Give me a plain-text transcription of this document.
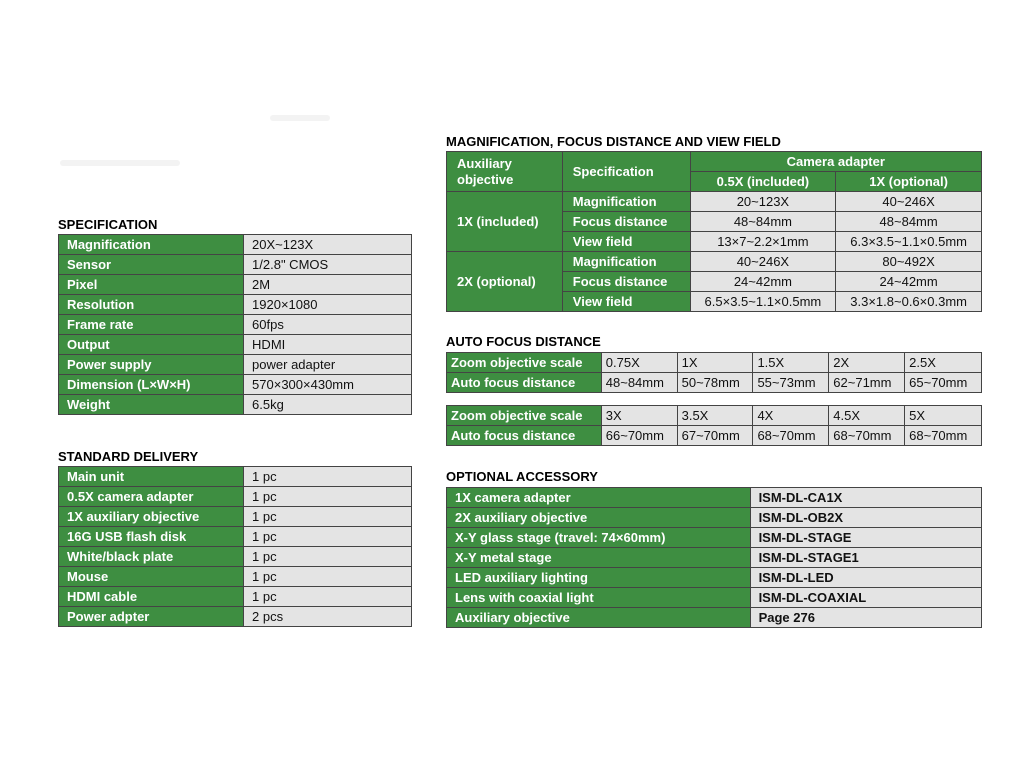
SPECIFICATION
Magnification	20X~123X
Sensor	1/2.8" CMOS
Pixel	2M
Resolution	1920×1080
Frame rate	60fps
Output	HDMI
Power supply	power adapter
Dimension (L×W×H)	570×300×430mm
Weight	6.5kg
STANDARD DELIVERY
Main unit	1 pc
0.5X camera adapter	1 pc
1X auxiliary objective	1 pc
16G USB flash disk	1 pc
White/black plate	1 pc
Mouse	1 pc
HDMI cable	1 pc
Power adpter	2 pcs
MAGNIFICATION, FOCUS DISTANCE AND VIEW FIELD
Auxiliary objective	Specification	Camera adapter	
		0.5X (included)	1X (optional)
1X (included)	Magnification	20~123X	40~246X
	Focus distance	48~84mm	48~84mm
	View field	13×7~2.2×1mm	6.3×3.5~1.1×0.5mm
2X (optional)	Magnification	40~246X	80~492X
	Focus distance	24~42mm	24~42mm
	View field	6.5×3.5~1.1×0.5mm	3.3×1.8~0.6×0.3mm
AUTO FOCUS DISTANCE
Zoom objective scale	0.75X	1X	1.5X	2X	2.5X
Auto focus distance	48~84mm	50~78mm	55~73mm	62~71mm	65~70mm
Zoom objective scale	3X	3.5X	4X	4.5X	5X
Auto focus distance	66~70mm	67~70mm	68~70mm	68~70mm	68~70mm
OPTIONAL ACCESSORY
1X camera adapter	ISM-DL-CA1X
2X auxiliary objective	ISM-DL-OB2X
X-Y glass stage (travel: 74×60mm)	ISM-DL-STAGE
X-Y metal stage	ISM-DL-STAGE1
LED auxiliary lighting	ISM-DL-LED
Lens with coaxial light	ISM-DL-COAXIAL
Auxiliary objective	Page 276
